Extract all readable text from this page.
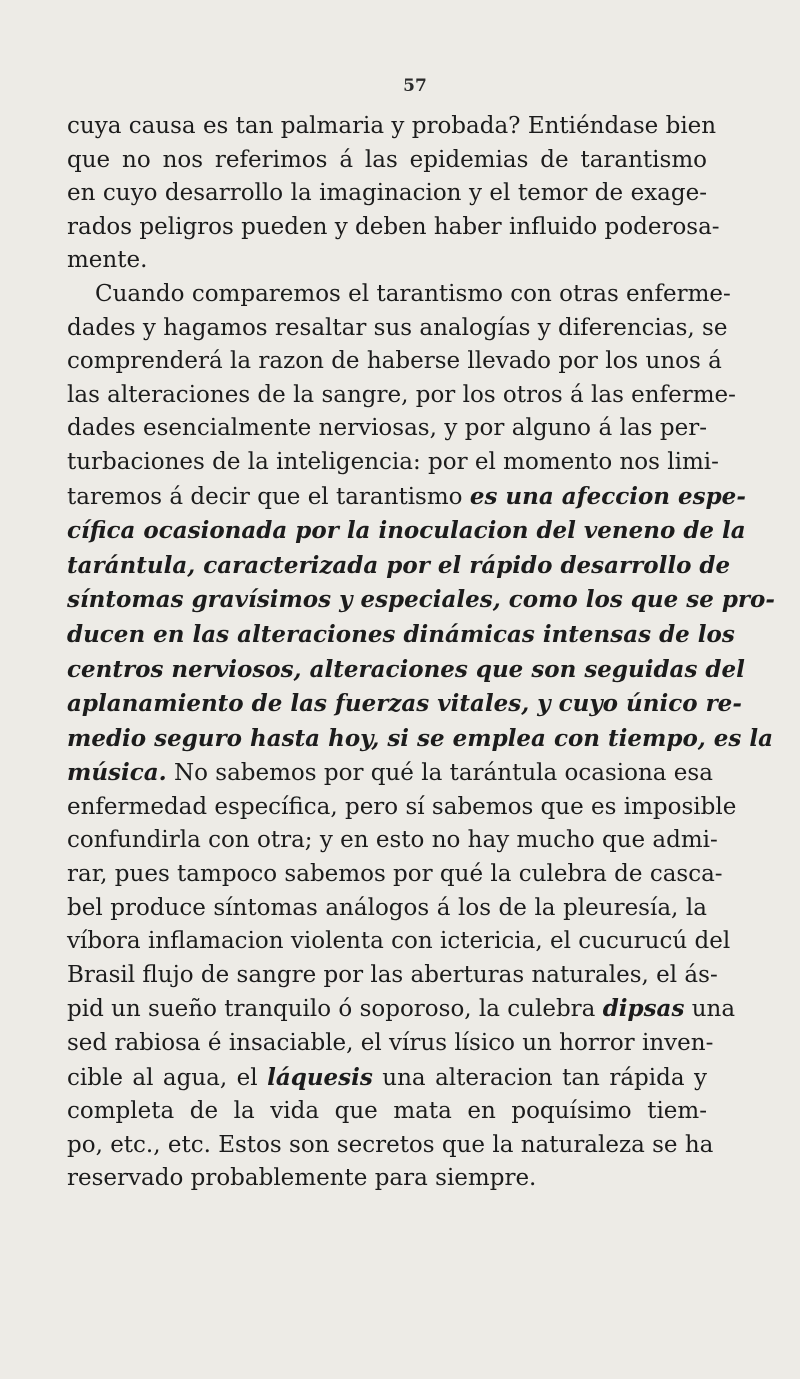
57

cuya causa es tan palmaria y probada? Entiéndase bien
que no nos referimos á las epidemias de tarantismo
en cuyo desarrollo la imaginacion y el temor de exage-
rados peligros pueden y deben haber influido poderosa-
mente.

Cuando comparemos el tarantismo con otras enferme-
dades y hagamos resaltar sus analogías y diferencias, se
comprenderá la razon de haberse llevado por los unos á
las alteraciones de la sangre, por los otros á las enferme-
dades esencialmente nerviosas, y por alguno á las per-
turbaciones de la inteligencia: por el momento nos limi-
taremos á decir que el tarantismo es una afeccion espe-
cífica ocasionada por la inoculacion del veneno de la
tarántula, caracterizada por el rápido desarrollo de
síntomas gravísimos y especiales, como los que se pro-
ducen en las alteraciones dinámicas intensas de los
centros nerviosos, alteraciones que son seguidas del
aplanamiento de las fuerzas vitales, y cuyo único re-
medio seguro hasta hoy, si se emplea con tiempo, es la
música. No sabemos por qué la tarántula ocasiona esa
enfermedad específica, pero sí sabemos que es imposible
confundirla con otra; y en esto no hay mucho que admi-
rar, pues tampoco sabemos por qué la culebra de casca-
bel produce síntomas análogos á los de la pleuresía, la
víbora inflamacion violenta con ictericia, el cucurucú del
Brasil flujo de sangre por las aberturas naturales, el ás-
pid un sueño tranquilo ó soporoso, la culebra dipsas una
sed rabiosa é insaciable, el vírus lísico un horror inven-
cible al agua, el láquesis una alteracion tan rápida y
completa de la vida que mata en poquísimo tiem-
po, etc., etc. Estos son secretos que la naturaleza se ha
reservado probablemente para siempre.
